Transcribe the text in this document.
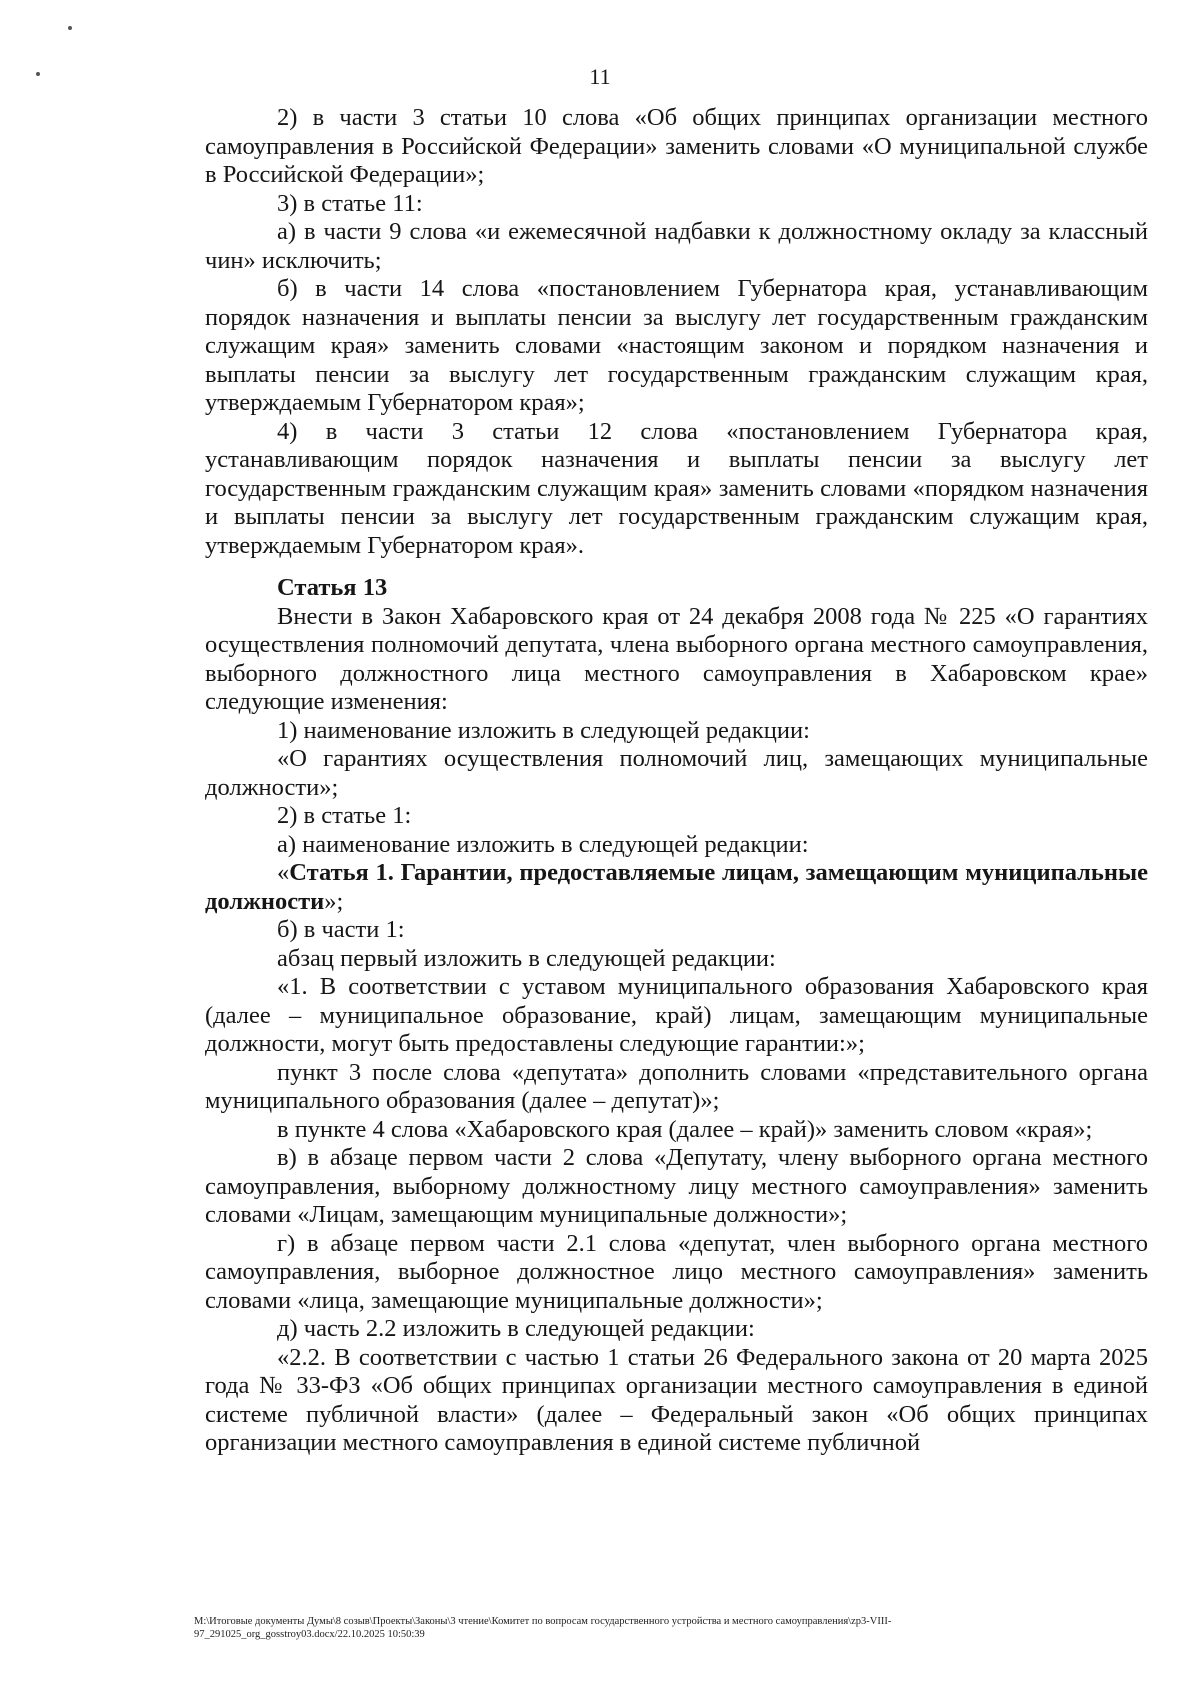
11

2) в части 3 статьи 10 слова «Об общих принципах организации местного самоуправления в Российской Федерации» заменить словами «О муниципальной службе в Российской Федерации»;

3) в статье 11:

а) в части 9 слова «и ежемесячной надбавки к должностному окладу за классный чин» исключить;

б) в части 14 слова «постановлением Губернатора края, устанавливающим порядок назначения и выплаты пенсии за выслугу лет государственным гражданским служащим края» заменить словами «настоящим законом и порядком назначения и выплаты пенсии за выслугу лет государственным гражданским служащим края, утверждаемым Губернатором края»;

4) в части 3 статьи 12 слова «постановлением Губернатора края, устанавливающим порядок назначения и выплаты пенсии за выслугу лет государственным гражданским служащим края» заменить словами «порядком назначения и выплаты пенсии за выслугу лет государственным гражданским служащим края, утверждаемым Губернатором края».

Статья 13

Внести в Закон Хабаровского края от 24 декабря 2008 года № 225 «О гарантиях осуществления полномочий депутата, члена выборного органа местного самоуправления, выборного должностного лица местного самоуправления в Хабаровском крае» следующие изменения:

1) наименование изложить в следующей редакции:

«О гарантиях осуществления полномочий лиц, замещающих муниципальные должности»;

2) в статье 1:

а) наименование изложить в следующей редакции:

«Статья 1. Гарантии, предоставляемые лицам, замещающим муниципальные должности»;

б) в части 1:

абзац первый изложить в следующей редакции:

«1. В соответствии с уставом муниципального образования Хабаровского края (далее – муниципальное образование, край) лицам, замещающим муниципальные должности, могут быть предоставлены следующие гарантии:»;

пункт 3 после слова «депутата» дополнить словами «представительного органа муниципального образования (далее – депутат)»;

в пункте 4 слова «Хабаровского края (далее – край)» заменить словом «края»;

в) в абзаце первом части 2 слова «Депутату, члену выборного органа местного самоуправления, выборному должностному лицу местного самоуправления» заменить словами «Лицам, замещающим муниципальные должности»;

г) в абзаце первом части 2.1 слова «депутат, член выборного органа местного самоуправления, выборное должностное лицо местного самоуправления» заменить словами «лица, замещающие муниципальные должности»;

д) часть 2.2 изложить в следующей редакции:

«2.2. В соответствии с частью 1 статьи 26 Федерального закона от 20 марта 2025 года № 33-ФЗ «Об общих принципах организации местного самоуправления в единой системе публичной власти» (далее – Федеральный закон «Об общих принципах организации местного самоуправления в единой системе публичной

M:\Итоговые документы Думы\8 созыв\Проекты\Законы\3 чтение\Комитет по вопросам государственного устройства и местного самоуправления\zp3-VIII-
97_291025_org_gosstroy03.docx/22.10.2025 10:50:39
